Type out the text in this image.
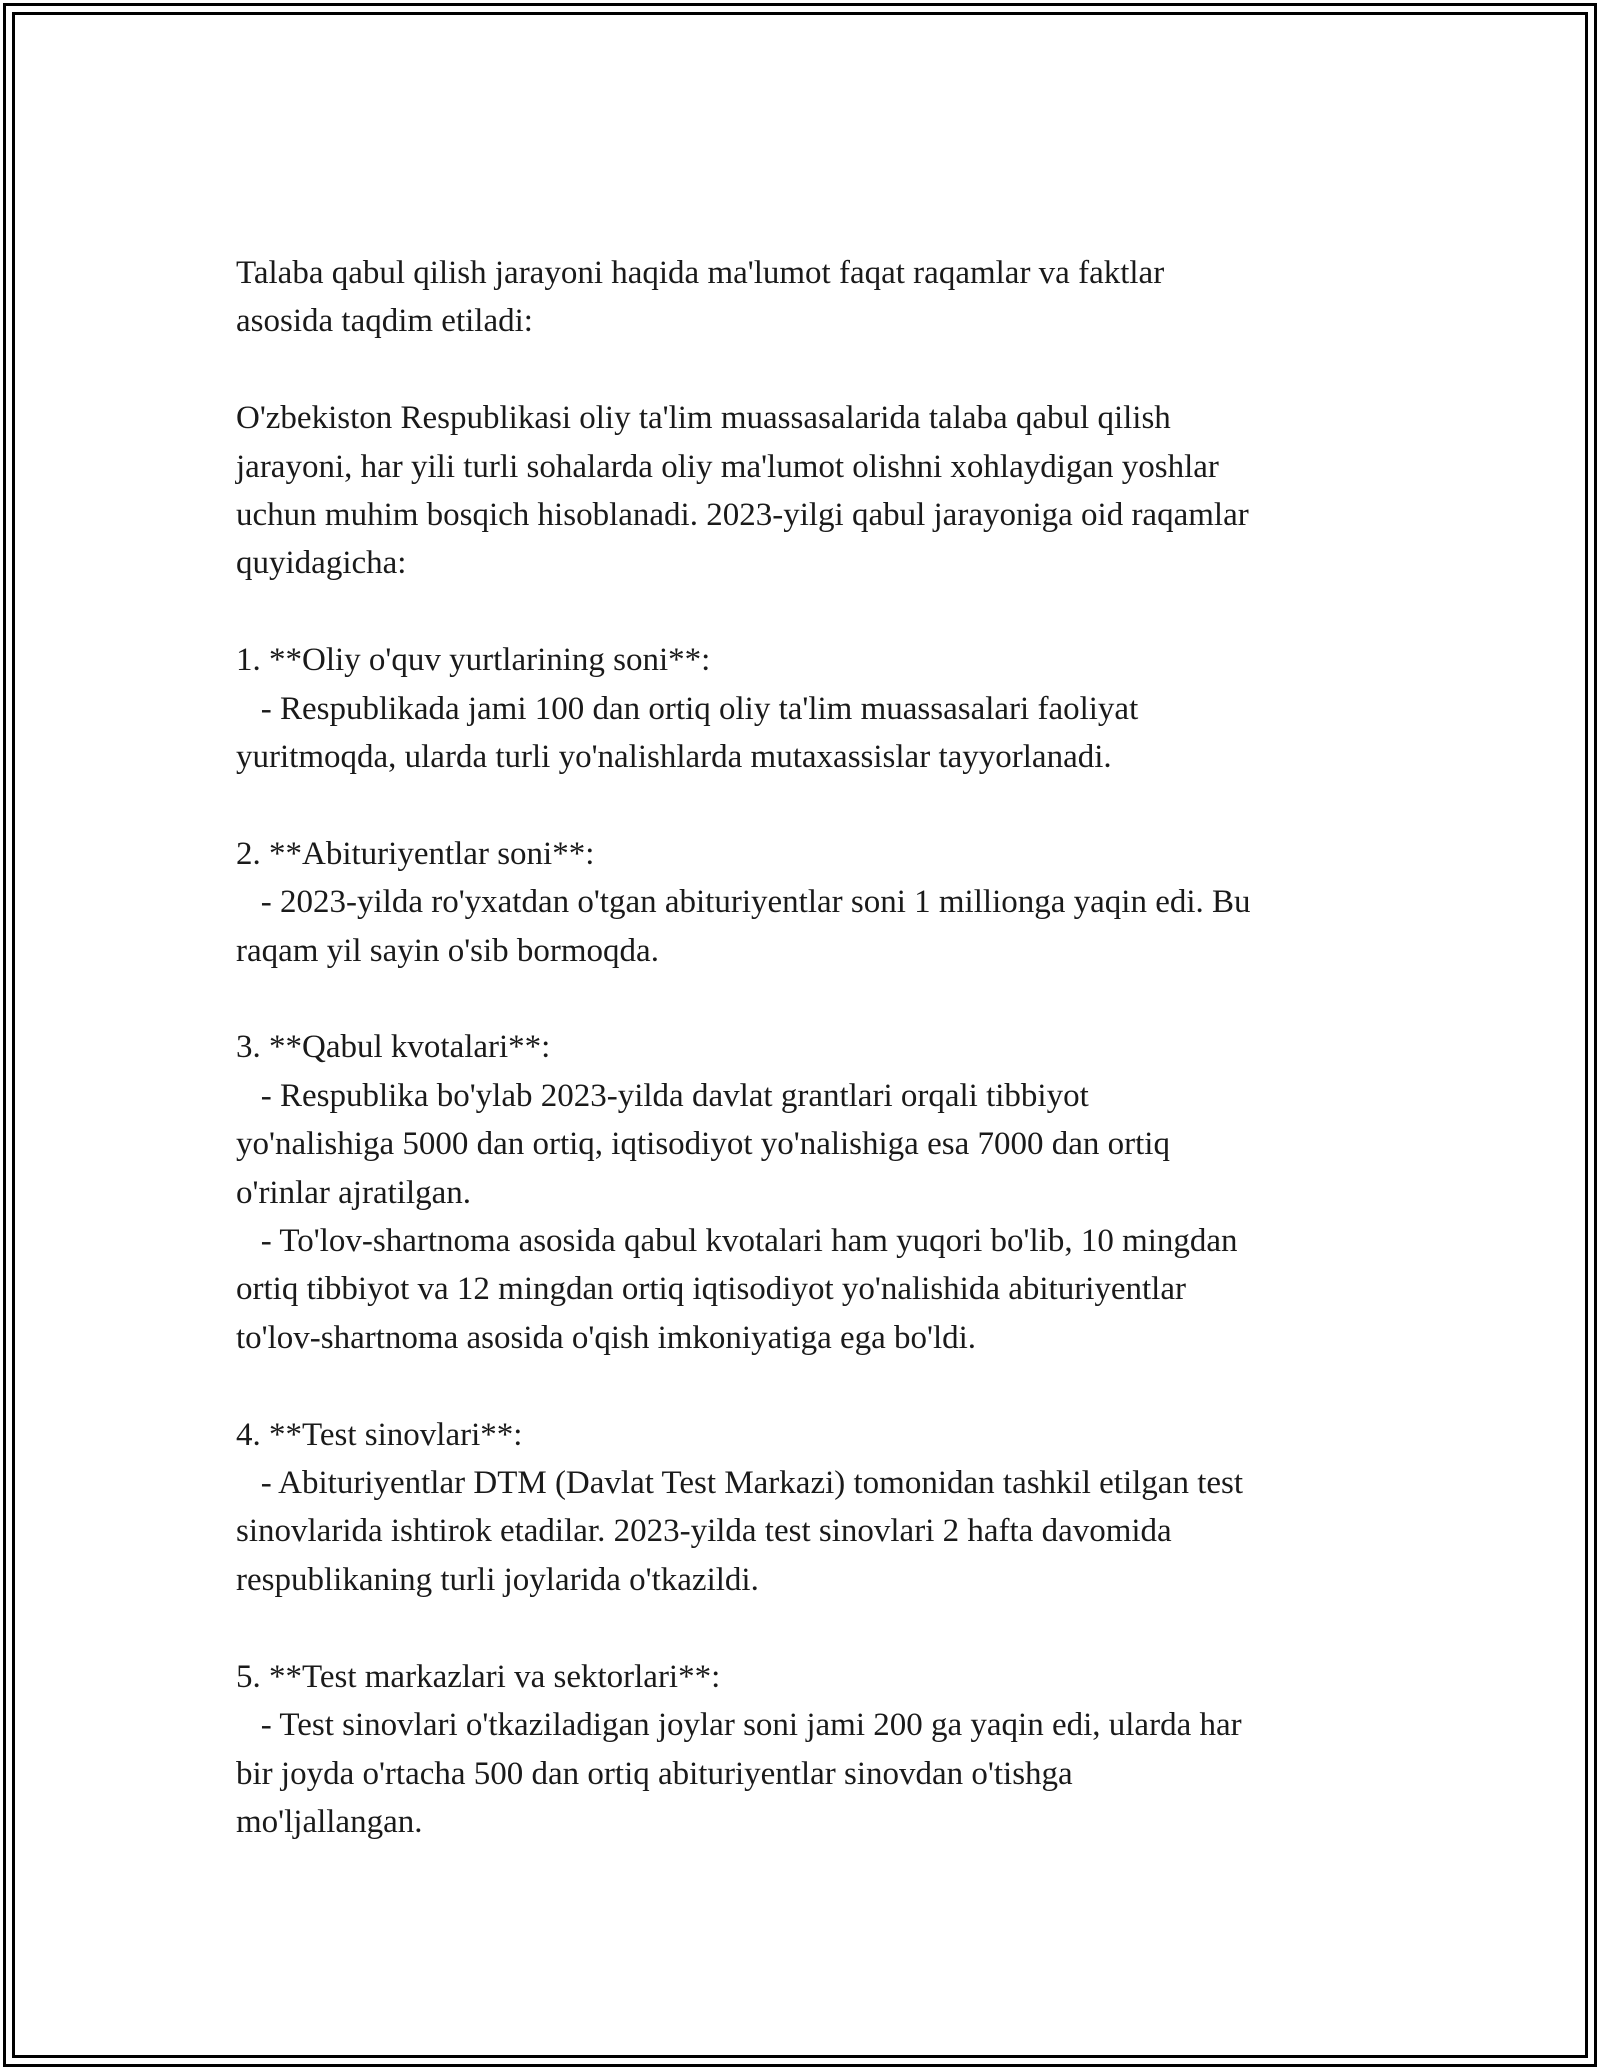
Talaba qabul qilish jarayoni haqida ma'lumot faqat raqamlar va faktlar
asosida taqdim etiladi:

O'zbekiston Respublikasi oliy ta'lim muassasalarida talaba qabul qilish
jarayoni, har yili turli sohalarda oliy ma'lumot olishni xohlaydigan yoshlar
uchun muhim bosqich hisoblanadi. 2023-yilgi qabul jarayoniga oid raqamlar
quyidagicha:

1. **Oliy o'quv yurtlarining soni**:

- Respublikada jami 100 dan ortiq oliy ta'lim muassasalari faoliyat
yuritmoqda, ularda turli yo'nalishlarda mutaxassislar tayyorlanadi.

2. **Abituriyentlar soni**:

- 2023-yilda ro'yxatdan o'tgan abituriyentlar soni 1 millionga yaqin edi. Bu
raqam yil sayin o'sib bormoqda.

3. **Qabul kvotalari**:

- Respublika bo'ylab 2023-yilda davlat grantlari orqali tibbiyot
yo'nalishiga 5000 dan ortiq, iqtisodiyot yo'nalishiga esa 7000 dan ortiq
o'rinlar ajratilgan.

- To'lov-shartnoma asosida qabul kvotalari ham yuqori bo'lib, 10 mingdan
ortiq tibbiyot va 12 mingdan ortiq iqtisodiyot yo'nalishida abituriyentlar
to'lov-shartnoma asosida o'qish imkoniyatiga ega bo'ldi.

4. **Test sinovlari**:

- Abituriyentlar DTM (Davlat Test Markazi) tomonidan tashkil etilgan test
sinovlarida ishtirok etadilar. 2023-yilda test sinovlari 2 hafta davomida
respublikaning turli joylarida o'tkazildi.

5. **Test markazlari va sektorlari**:

- Test sinovlari o'tkaziladigan joylar soni jami 200 ga yaqin edi, ularda har
bir joyda o'rtacha 500 dan ortiq abituriyentlar sinovdan o'tishga
mo'ljallangan.
